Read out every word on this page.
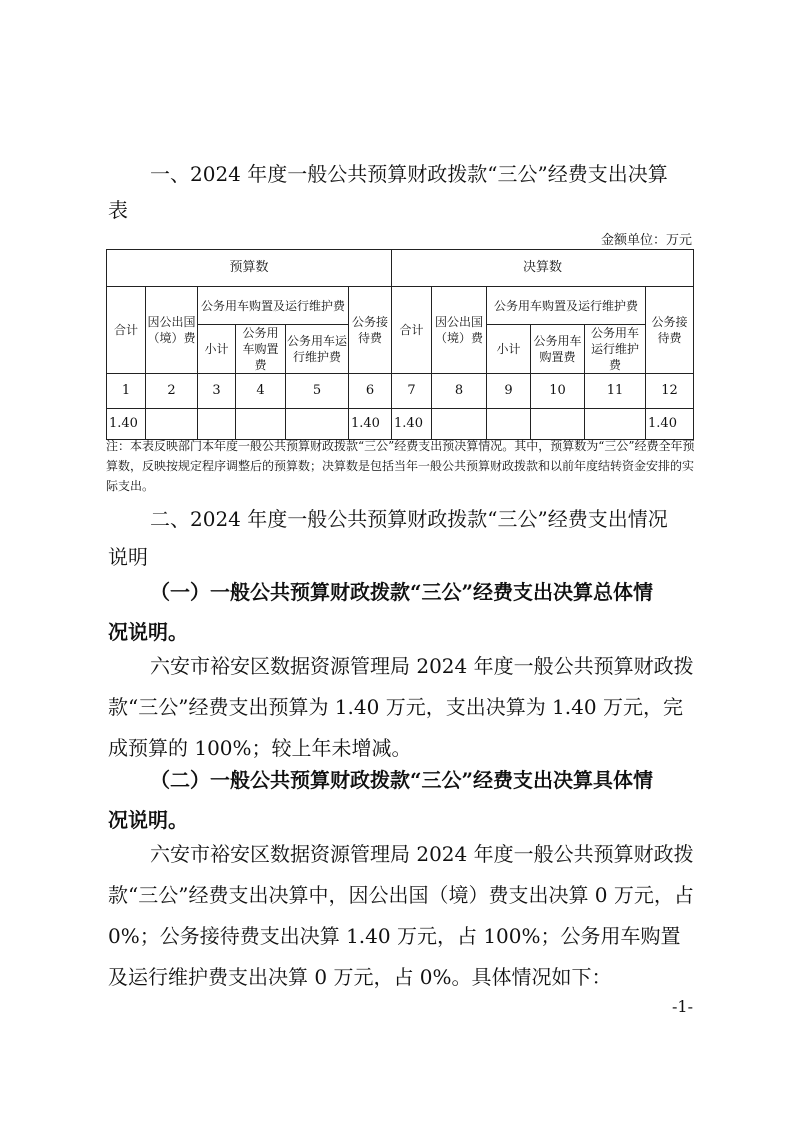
一、2024 年度一般公共预算财政拨款“三公”经费支出决算
表
金额单位：万元
预算数						决算数					
合计	因公出国（境）费	公务用车购置及运行维护费			公务接待费	合计	因公出国（境）费	公务用车购置及运行维护费			公务接待费
		小计	公务用车购置费	公务用车运行维护费				小计	公务用车购置费	公务用车运行维护费	
1	2	3	4	5	6	7	8	9	10	11	12
1.40					1.40	1.40					1.40
注：本表反映部门本年度一般公共预算财政拨款“三公”经费支出预决算情况。其中，预算数为“三公”经费全年预算数，反映按规定程序调整后的预算数；决算数是包括当年一般公共预算财政拨款和以前年度结转资金安排的实际支出。
二、2024 年度一般公共预算财政拨款“三公”经费支出情况
说明
（一）一般公共预算财政拨款“三公”经费支出决算总体情
况说明。
六安市裕安区数据资源管理局 2024 年度一般公共预算财政拨款“三公”经费支出预算为 1.40 万元，支出决算为 1.40 万元，完成预算的 100%；较上年未增减。
（二）一般公共预算财政拨款“三公”经费支出决算具体情
况说明。
六安市裕安区数据资源管理局 2024 年度一般公共预算财政拨款“三公”经费支出决算中，因公出国（境）费支出决算 0 万元，占 0%；公务接待费支出决算 1.40 万元，占 100%；公务用车购置及运行维护费支出决算 0 万元，占 0%。具体情况如下：
-1-
